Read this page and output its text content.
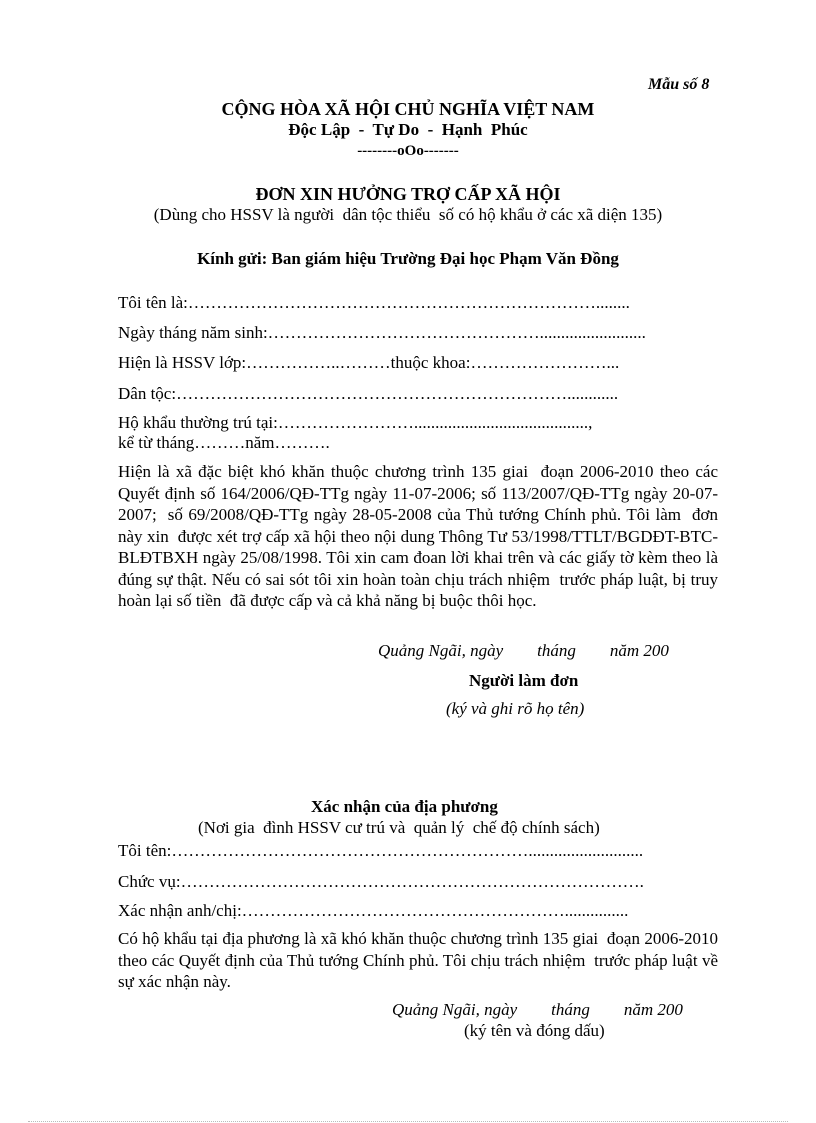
Mẫu số 8
CỘNG HÒA XÃ HỘI CHỦ NGHĨA VIỆT NAM
Độc Lập  -  Tự Do  -  Hạnh  Phúc
--------oOo-------
ĐƠN XIN HƯỞNG TRỢ CẤP XÃ HỘI
(Dùng cho HSSV là người  dân tộc thiểu  số có hộ khẩu ở các xã diện 135)
Kính gửi: Ban giám hiệu Trường Đại học Phạm Văn Đồng
Tôi tên là:………………………………………………………………........
Ngày tháng năm sinh:………………………………………….........................
Hiện là HSSV lớp:……………..………thuộc khoa:……………………...
Dân tộc:……………………………………………………………............
Hộ khẩu thường trú tại:…………………….........................................,
kể từ tháng………năm……….
Hiện là xã đặc biệt khó khăn thuộc chương trình 135 giai  đoạn 2006-2010 theo các Quyết định số 164/2006/QĐ-TTg ngày 11-07-2006; số 113/2007/QĐ-TTg ngày 20-07-2007;  số 69/2008/QĐ-TTg ngày 28-05-2008 của Thủ tướng Chính phủ. Tôi làm  đơn này xin  được xét trợ cấp xã hội theo nội dung Thông Tư 53/1998/TTLT/BGDĐT-BTC-BLĐTBXH ngày 25/08/1998. Tôi xin cam đoan lời khai trên và các giấy tờ kèm theo là đúng sự thật. Nếu có sai sót tôi xin hoàn toàn chịu trách nhiệm  trước pháp luật, bị truy hoàn lại số tiền  đã được cấp và cả khả năng bị buộc thôi học.
Quảng Ngãi, ngày        tháng        năm 200
Người làm đơn
(ký và ghi rõ họ tên)
Xác nhận của địa phương
(Nơi gia  đình HSSV cư trú và  quản lý  chế độ chính sách)
Tôi tên:………………………………………………………...........................
Chức vụ:……………………………………………………………………….
Xác nhận anh/chị:…………………………………………………...............
Có hộ khẩu tại địa phương là xã khó khăn thuộc chương trình 135 giai  đoạn 2006-2010  theo các Quyết định của Thủ tướng Chính phủ. Tôi chịu trách nhiệm  trước pháp luật về sự xác nhận này.
Quảng Ngãi, ngày        tháng        năm 200
(ký tên và đóng dấu)
